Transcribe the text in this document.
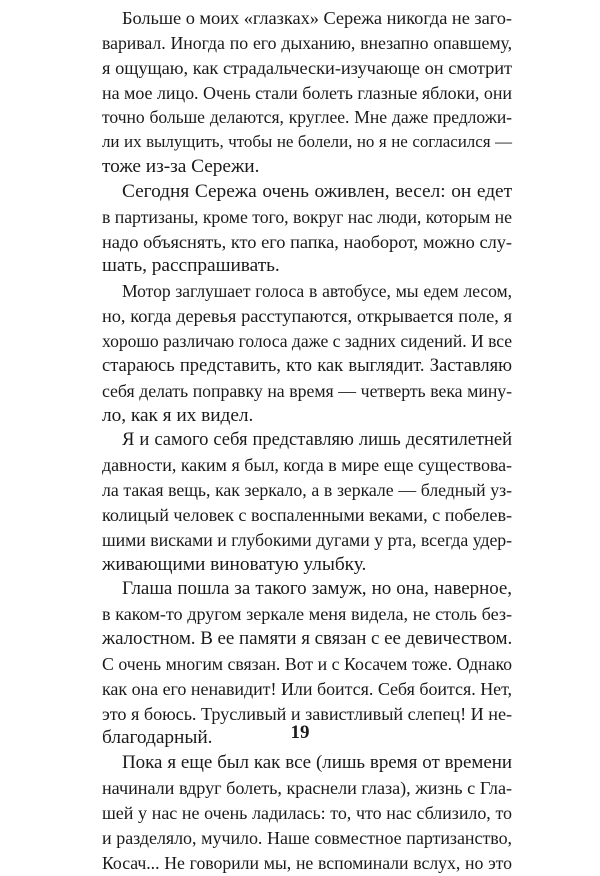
Больше о моих «глазках» Сережа никогда не заго-
варивал. Иногда по его дыханию, внезапно опавшему,
я ощущаю, как страдальчески-изучающе он смотрит
на мое лицо. Очень стали болеть глазные яблоки, они
точно больше делаются, круглее. Мне даже предложи-
ли их вылущить, чтобы не болели, но я не согласился —
тоже из-за Сережи.
Сегодня Сережа очень оживлен, весел: он едет
в партизаны, кроме того, вокруг нас люди, которым не
надо объяснять, кто его папка, наоборот, можно слу-
шать, расспрашивать.
Мотор заглушает голоса в автобусе, мы едем лесом,
но, когда деревья расступаются, открывается поле, я
хорошо различаю голоса даже с задних сидений. И все
стараюсь представить, кто как выглядит. Заставляю
себя делать поправку на время — четверть века мину-
ло, как я их видел.
Я и самого себя представляю лишь десятилетней
давности, каким я был, когда в мире еще существова-
ла такая вещь, как зеркало, а в зеркале — бледный уз-
колицый человек с воспаленными веками, с побелев-
шими висками и глубокими дугами у рта, всегда удер-
живающими виноватую улыбку.
Глаша пошла за такого замуж, но она, наверное,
в каком-то другом зеркале меня видела, не столь без-
жалостном. В ее памяти я связан с ее девичеством.
С очень многим связан. Вот и с Косачем тоже. Однако
как она его ненавидит! Или боится. Себя боится. Нет,
это я боюсь. Трусливый и завистливый слепец! И не-
благодарный.
Пока я еще был как все (лишь время от времени
начинали вдруг болеть, краснели глаза), жизнь с Гла-
шей у нас не очень ладилась: то, что нас сблизило, то
и разделяло, мучило. Наше совместное партизанство,
Косач... Не говорили мы, не вспоминали вслух, но это
19
